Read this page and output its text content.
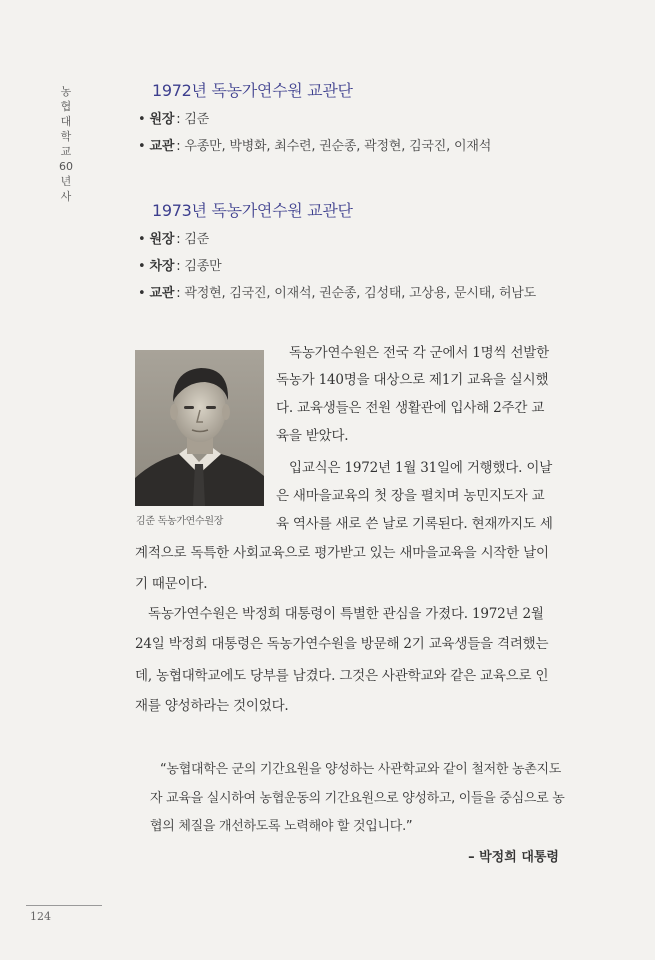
농협대학교60년사
1972년 독농가연수원 교관단
• 원장 : 김준
• 교관 : 우종만, 박병화, 최수련, 권순종, 곽정현, 김국진, 이재석
1973년 독농가연수원 교관단
• 원장 : 김준
• 차장 : 김종만
• 교관 : 곽정현, 김국진, 이재석, 권순종, 김성태, 고상용, 문시태, 허남도
김준 독농가연수원장
독농가연수원은 전국 각 군에서 1명씩 선발한
독농가 140명을 대상으로 제1기 교육을 실시했
다. 교육생들은 전원 생활관에 입사해 2주간 교
육을 받았다.
입교식은 1972년 1월 31일에 거행했다. 이날
은 새마을교육의 첫 장을 펼치며 농민지도자 교
육 역사를 새로 쓴 날로 기록된다. 현재까지도 세
계적으로 독특한 사회교육으로 평가받고 있는 새마을교육을 시작한 날이
기 때문이다.
독농가연수원은 박정희 대통령이 특별한 관심을 가졌다. 1972년 2월
24일 박정희 대통령은 독농가연수원을 방문해 2기 교육생들을 격려했는
데, 농협대학교에도 당부를 남겼다. 그것은 사관학교와 같은 교육으로 인
재를 양성하라는 것이었다.
“농협대학은 군의 기간요원을 양성하는 사관학교와 같이 철저한 농촌지도
자 교육을 실시하여 농협운동의 기간요원으로 양성하고, 이들을 중심으로 농
협의 체질을 개선하도록 노력해야 할 것입니다.”
– 박정희 대통령
124
